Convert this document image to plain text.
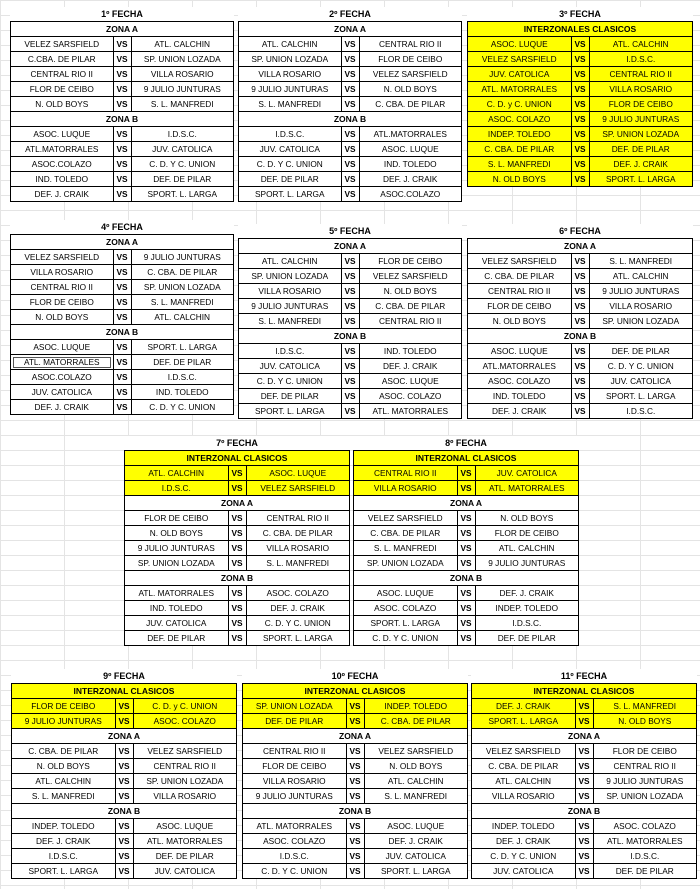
1º FECHA
ZONA A		
VELEZ SARSFIELD	VS	ATL. CALCHIN
C.CBA. DE PILAR	VS	SP. UNION LOZADA
CENTRAL RIO II	VS	VILLA ROSARIO
FLOR DE CEIBO	VS	9 JULIO JUNTURAS
N. OLD BOYS	VS	S. L. MANFREDI
ZONA B		
ASOC. LUQUE	VS	I.D.S.C.
ATL.MATORRALES	VS	JUV. CATOLICA
ASOC.COLAZO	VS	C. D. Y C. UNION
IND. TOLEDO	VS	DEF. DE PILAR
DEF. J. CRAIK	VS	SPORT. L. LARGA
2º FECHA
ZONA A		
ATL. CALCHIN	VS	CENTRAL RIO II
SP. UNION LOZADA	VS	FLOR DE CEIBO
VILLA ROSARIO	VS	VELEZ SARSFIELD
9 JULIO JUNTURAS	VS	N. OLD BOYS
S. L. MANFREDI	VS	C. CBA. DE PILAR
ZONA B		
I.D.S.C.	VS	ATL.MATORRALES
JUV. CATOLICA	VS	ASOC. LUQUE
C. D. Y C. UNION	VS	IND. TOLEDO
DEF. DE PILAR	VS	DEF. J. CRAIK
SPORT. L. LARGA	VS	ASOC.COLAZO
3º FECHA
INTERZONALES CLASICOS		
ASOC. LUQUE	VS	ATL. CALCHIN
VELEZ SARSFIELD	VS	I.D.S.C.
JUV. CATOLICA	VS	CENTRAL RIO II
ATL. MATORRALES	VS	VILLA ROSARIO
C. D. y C. UNION	VS	FLOR DE CEIBO
ASOC. COLAZO	VS	9 JULIO JUNTURAS
INDEP. TOLEDO	VS	SP. UNION LOZADA
C. CBA. DE PILAR	VS	DEF. DE PILAR
S. L. MANFREDI	VS	DEF. J. CRAIK
N. OLD BOYS	VS	SPORT. L. LARGA
4º FECHA
ZONA A		
VELEZ SARSFIELD	VS	9 JULIO JUNTURAS
VILLA ROSARIO	VS	C. CBA. DE PILAR
CENTRAL RIO II	VS	SP. UNION LOZADA
FLOR DE CEIBO	VS	S. L. MANFREDI
N. OLD BOYS	VS	ATL. CALCHIN
ZONA B		
ASOC. LUQUE	VS	SPORT. L. LARGA
ATL. MATORRALES	VS	DEF. DE PILAR
ASOC.COLAZO	VS	I.D.S.C.
JUV. CATOLICA	VS	IND. TOLEDO
DEF. J. CRAIK	VS	C. D. Y C. UNION
5º FECHA
ZONA A		
ATL. CALCHIN	VS	FLOR DE CEIBO
SP. UNION LOZADA	VS	VELEZ SARSFIELD
VILLA ROSARIO	VS	N. OLD BOYS
9 JULIO JUNTURAS	VS	C. CBA. DE PILAR
S. L. MANFREDI	VS	CENTRAL RIO II
ZONA B		
I.D.S.C.	VS	IND. TOLEDO
JUV. CATOLICA	VS	DEF. J. CRAIK
C. D. Y C. UNION	VS	ASOC. LUQUE
DEF. DE PILAR	VS	ASOC. COLAZO
SPORT. L. LARGA	VS	ATL. MATORRALES
6º FECHA
ZONA A		
VELEZ SARSFIELD	VS	S. L. MANFREDI
C. CBA. DE PILAR	VS	ATL. CALCHIN
CENTRAL RIO II	VS	9 JULIO JUNTURAS
FLOR DE CEIBO	VS	VILLA ROSARIO
N. OLD BOYS	VS	SP. UNION LOZADA
ZONA B		
ASOC. LUQUE	VS	DEF. DE PILAR
ATL.MATORRALES	VS	C. D. Y C. UNION
ASOC. COLAZO	VS	JUV. CATOLICA
IND. TOLEDO	VS	SPORT. L. LARGA
DEF. J. CRAIK	VS	I.D.S.C.
7º FECHA
INTERZONAL CLASICOS		
ATL. CALCHIN	VS	ASOC. LUQUE
I.D.S.C.	VS	VELEZ SARSFIELD
ZONA A		
FLOR DE CEIBO	VS	CENTRAL RIO II
N. OLD BOYS	VS	C. CBA. DE PILAR
9 JULIO JUNTURAS	VS	VILLA ROSARIO
SP. UNION LOZADA	VS	S. L. MANFREDI
ZONA B		
ATL. MATORRALES	VS	ASOC. COLAZO
IND. TOLEDO	VS	DEF. J. CRAIK
JUV. CATOLICA	VS	C. D. Y C. UNION
DEF. DE PILAR	VS	SPORT. L. LARGA
8º FECHA
INTERZONAL CLASICOS		
CENTRAL RIO II	VS	JUV. CATOLICA
VILLA ROSARIO	VS	ATL. MATORRALES
ZONA A		
VELEZ SARSFIELD	VS	N. OLD BOYS
C. CBA. DE PILAR	VS	FLOR DE CEIBO
S. L. MANFREDI	VS	ATL. CALCHIN
SP. UNION LOZADA	VS	9 JULIO JUNTURAS
ZONA B		
ASOC. LUQUE	VS	DEF. J. CRAIK
ASOC. COLAZO	VS	INDEP. TOLEDO
SPORT. L. LARGA	VS	I.D.S.C.
C. D. Y C. UNION	VS	DEF. DE PILAR
9º FECHA
INTERZONAL CLASICOS		
FLOR DE CEIBO	VS	C. D. y C. UNION
9 JULIO JUNTURAS	VS	ASOC. COLAZO
ZONA A		
C. CBA. DE PILAR	VS	VELEZ SARSFIELD
N. OLD BOYS	VS	CENTRAL RIO II
ATL. CALCHIN	VS	SP. UNION LOZADA
S. L. MANFREDI	VS	VILLA ROSARIO
ZONA B		
INDEP. TOLEDO	VS	ASOC. LUQUE
DEF. J. CRAIK	VS	ATL. MATORRALES
I.D.S.C.	VS	DEF. DE PILAR
SPORT. L. LARGA	VS	JUV. CATOLICA
10º FECHA
INTERZONAL CLASICOS		
SP. UNION LOZADA	VS	INDEP. TOLEDO
DEF. DE PILAR	VS	C. CBA. DE PILAR
ZONA A		
CENTRAL RIO II	VS	VELEZ SARSFIELD
FLOR DE CEIBO	VS	N. OLD BOYS
VILLA ROSARIO	VS	ATL. CALCHIN
9 JULIO JUNTURAS	VS	S. L. MANFREDI
ZONA B		
ATL. MATORRALES	VS	ASOC. LUQUE
ASOC. COLAZO	VS	DEF. J. CRAIK
I.D.S.C.	VS	JUV. CATOLICA
C. D. Y C. UNION	VS	SPORT. L. LARGA
11º FECHA
INTERZONAL CLASICOS		
DEF. J. CRAIK	VS	S. L. MANFREDI
SPORT. L. LARGA	VS	N. OLD BOYS
ZONA A		
VELEZ SARSFIELD	VS	FLOR DE CEIBO
C. CBA. DE PILAR	VS	CENTRAL RIO II
ATL. CALCHIN	VS	9 JULIO JUNTURAS
VILLA ROSARIO	VS	SP. UNION LOZADA
ZONA B		
INDEP. TOLEDO	VS	ASOC. COLAZO
DEF. J. CRAIK	VS	ATL. MATORRALES
C. D. Y C. UNION	VS	I.D.S.C.
JUV. CATOLICA	VS	DEF. DE PILAR
